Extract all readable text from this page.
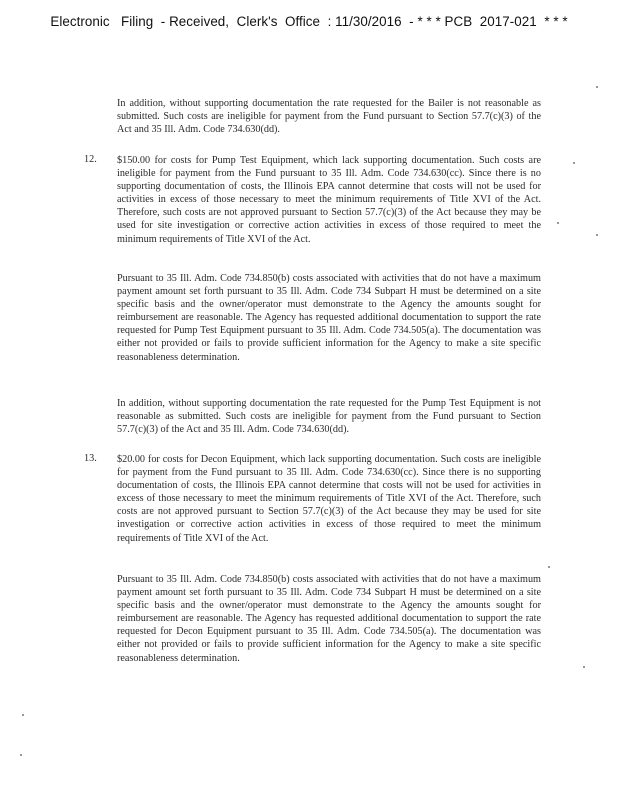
Electronic   Filing  - Received,  Clerk's  Office  : 11/30/2016  - * * * PCB  2017-021  * * *
In addition, without supporting documentation the rate requested for the Bailer is not reasonable as submitted. Such costs are ineligible for payment from the Fund pursuant to Section 57.7(c)(3) of the Act and 35 Ill. Adm. Code 734.630(dd).
12. $150.00 for costs for Pump Test Equipment, which lack supporting documentation. Such costs are ineligible for payment from the Fund pursuant to 35 Ill. Adm. Code 734.630(cc). Since there is no supporting documentation of costs, the Illinois EPA cannot determine that costs will not be used for activities in excess of those necessary to meet the minimum requirements of Title XVI of the Act. Therefore, such costs are not approved pursuant to Section 57.7(c)(3) of the Act because they may be used for site investigation or corrective action activities in excess of those required to meet the minimum requirements of Title XVI of the Act.
Pursuant to 35 Ill. Adm. Code 734.850(b) costs associated with activities that do not have a maximum payment amount set forth pursuant to 35 Ill. Adm. Code 734 Subpart H must be determined on a site specific basis and the owner/operator must demonstrate to the Agency the amounts sought for reimbursement are reasonable. The Agency has requested additional documentation to support the rate requested for Pump Test Equipment pursuant to 35 Ill. Adm. Code 734.505(a). The documentation was either not provided or fails to provide sufficient information for the Agency to make a site specific reasonableness determination.
In addition, without supporting documentation the rate requested for the Pump Test Equipment is not reasonable as submitted. Such costs are ineligible for payment from the Fund pursuant to Section 57.7(c)(3) of the Act and 35 Ill. Adm. Code 734.630(dd).
13. $20.00 for costs for Decon Equipment, which lack supporting documentation. Such costs are ineligible for payment from the Fund pursuant to 35 Ill. Adm. Code 734.630(cc). Since there is no supporting documentation of costs, the Illinois EPA cannot determine that costs will not be used for activities in excess of those necessary to meet the minimum requirements of Title XVI of the Act. Therefore, such costs are not approved pursuant to Section 57.7(c)(3) of the Act because they may be used for site investigation or corrective action activities in excess of those required to meet the minimum requirements of Title XVI of the Act.
Pursuant to 35 Ill. Adm. Code 734.850(b) costs associated with activities that do not have a maximum payment amount set forth pursuant to 35 Ill. Adm. Code 734 Subpart H must be determined on a site specific basis and the owner/operator must demonstrate to the Agency the amounts sought for reimbursement are reasonable. The Agency has requested additional documentation to support the rate requested for Decon Equipment pursuant to 35 Ill. Adm. Code 734.505(a). The documentation was either not provided or fails to provide sufficient information for the Agency to make a site specific reasonableness determination.
